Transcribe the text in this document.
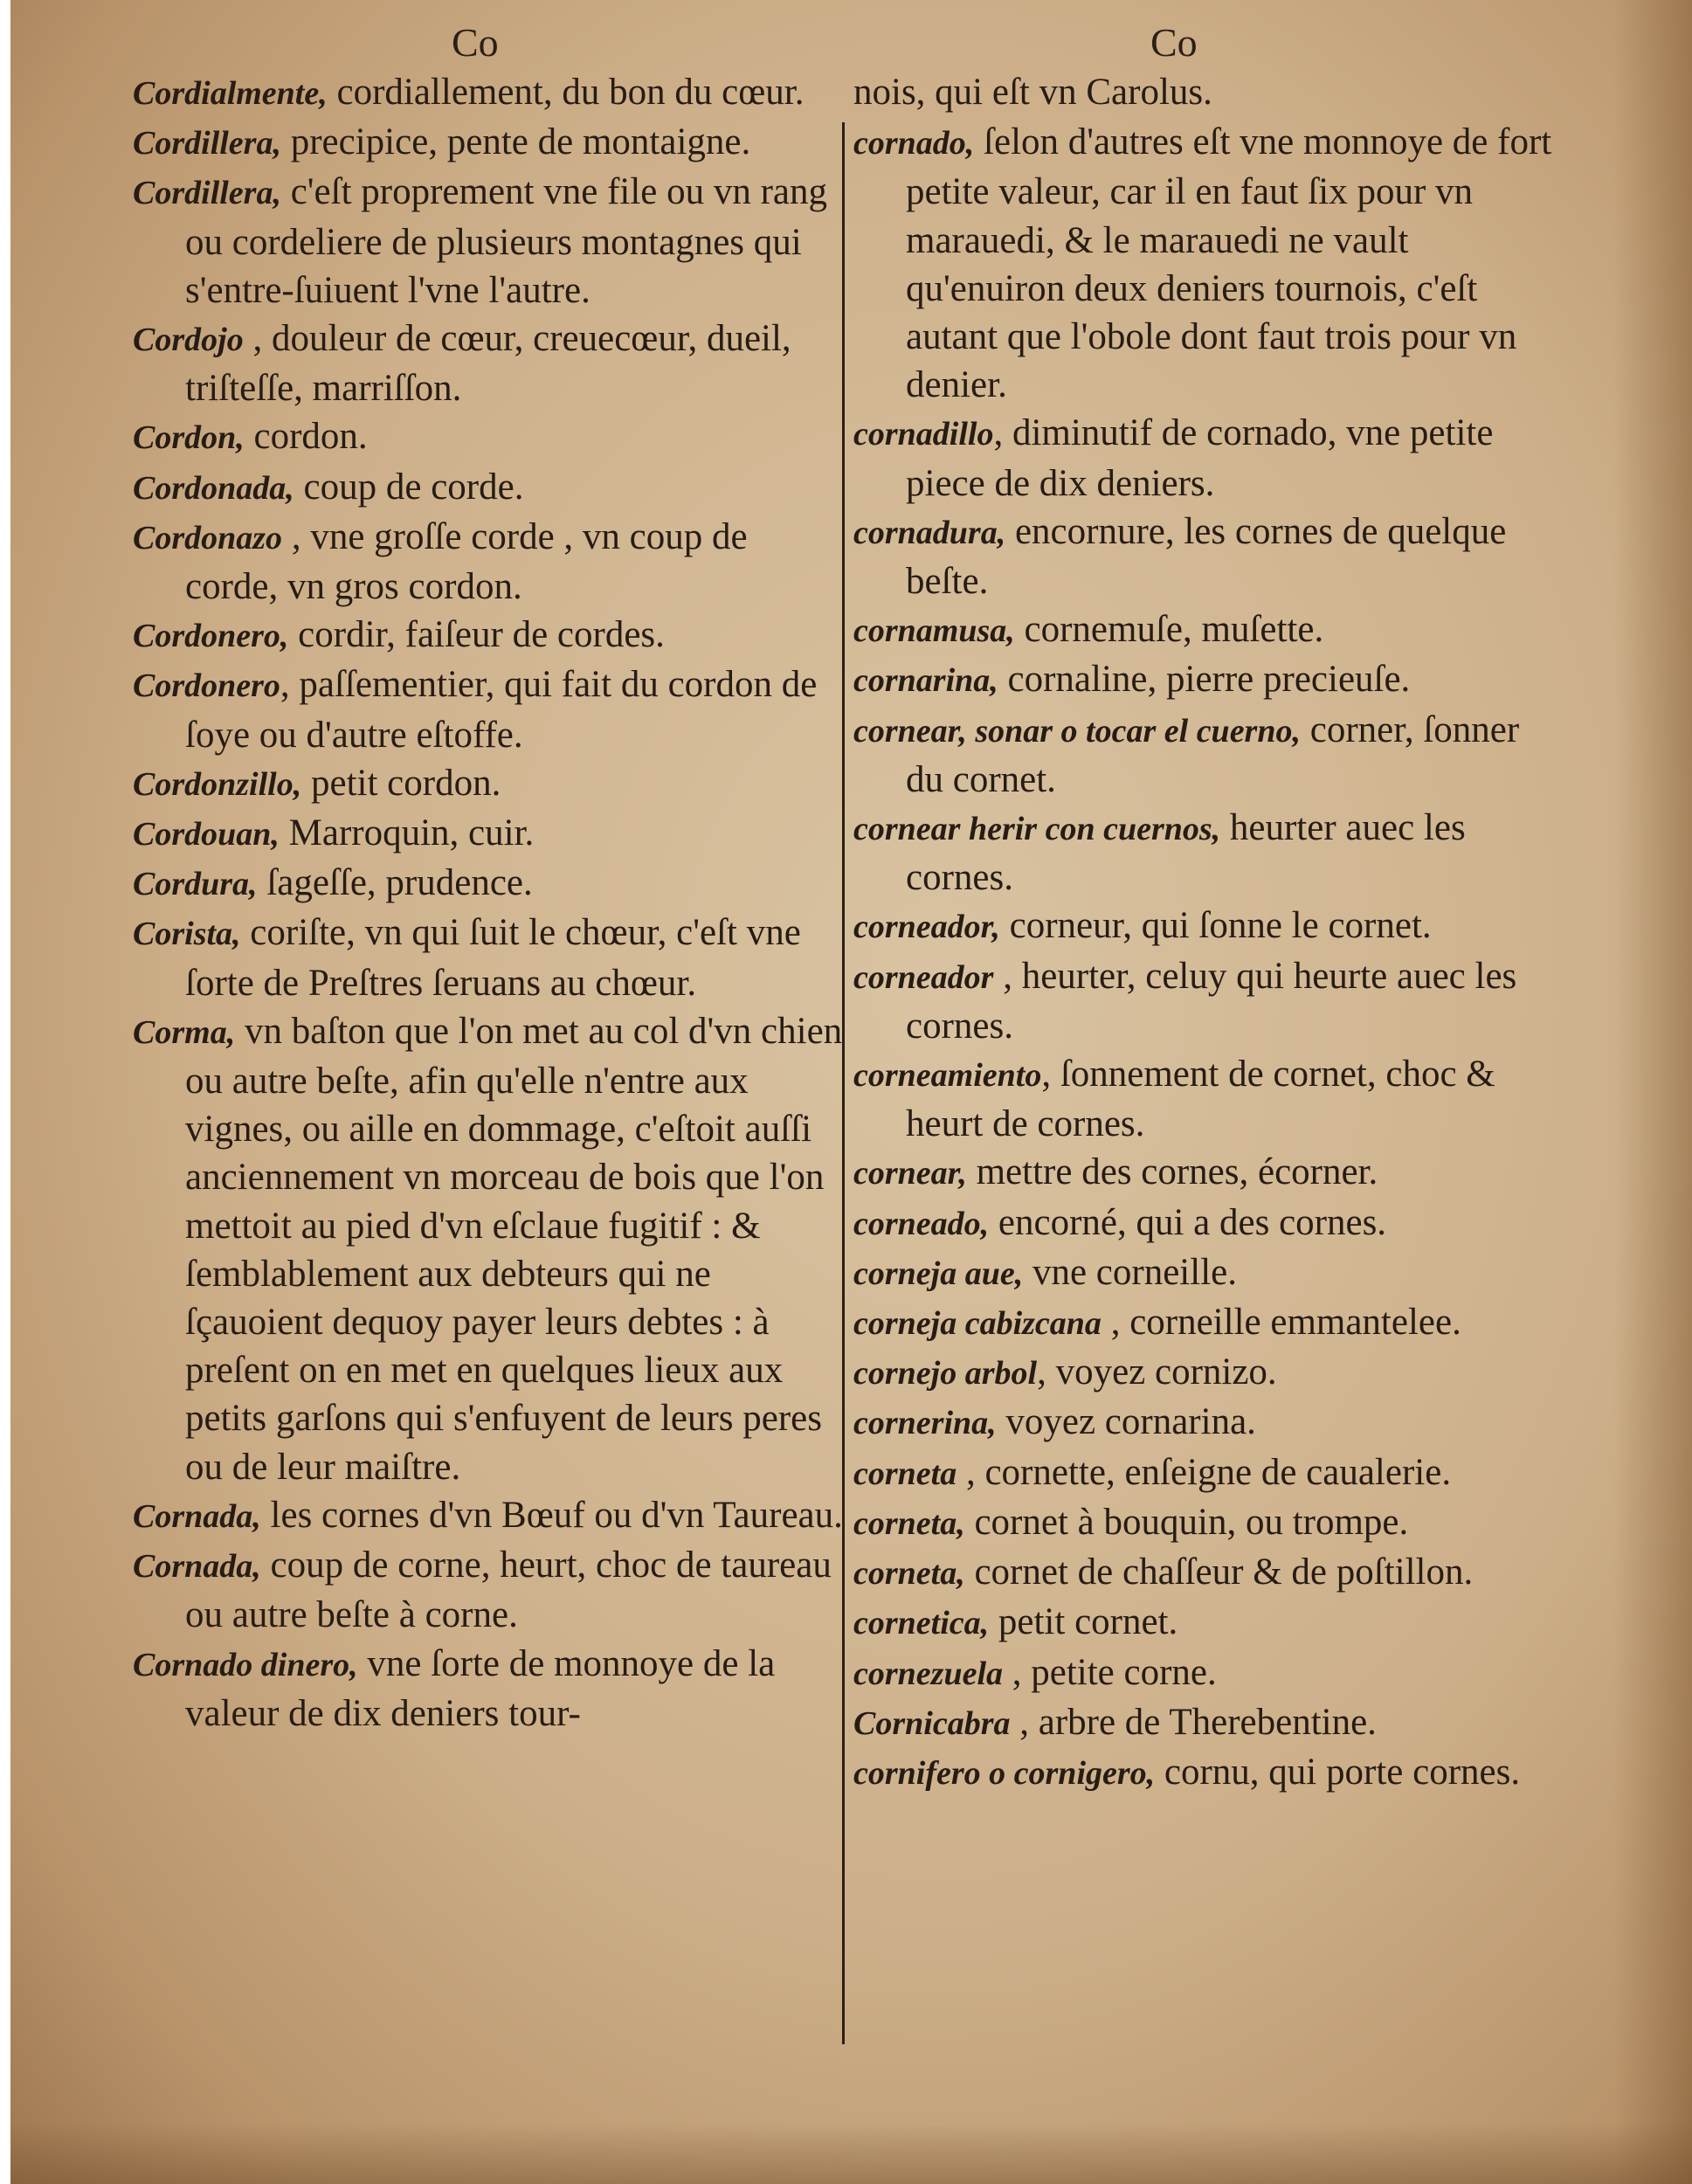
Co	Co

Cordialmente, cordiallement, du bon du cœur.

Cordillera, precipice, pente de montaigne.

Cordillera, c'eſt proprement vne file ou vn rang ou cordeliere de plusieurs montagnes qui s'entre-ſuiuent l'vne l'autre.

Cordojo , douleur de cœur, creuecœur, dueil, triſteſſe, marriſſon.

Cordon, cordon.

Cordonada, coup de corde.

Cordonazo , vne groſſe corde , vn coup de corde, vn gros cordon.

Cordonero, cordir, faiſeur de cordes.

Cordonero, paſſementier, qui fait du cordon de ſoye ou d'autre eſtoffe.

Cordonzillo, petit cordon.

Cordouan, Marroquin, cuir.

Cordura, ſageſſe, prudence.

Corista, coriſte, vn qui ſuit le chœur, c'eſt vne ſorte de Preſtres ſeruans au chœur.

Corma, vn baſton que l'on met au col d'vn chien ou autre beſte, afin qu'elle n'entre aux vignes, ou aille en dommage, c'eſtoit auſſi anciennement vn morceau de bois que l'on mettoit au pied d'vn eſclaue fugitif : & ſemblablement aux debteurs qui ne ſçauoient dequoy payer leurs debtes : à preſent on en met en quelques lieux aux petits garſons qui s'enfuyent de leurs peres ou de leur maiſtre.

Cornada, les cornes d'vn Bœuf ou d'vn Taureau.

Cornada, coup de corne, heurt, choc de taureau ou autre beſte à corne.

Cornado dinero, vne ſorte de monnoye de la valeur de dix deniers tour-

nois, qui eſt vn Carolus.

cornado, ſelon d'autres eſt vne monnoye de fort petite valeur, car il en faut ſix pour vn marauedi, & le marauedi ne vault qu'enuiron deux deniers tournois, c'eſt autant que l'obole dont faut trois pour vn denier.

cornadillo, diminutif de cornado, vne petite piece de dix deniers.

cornadura, encornure, les cornes de quelque beſte.

cornamusa, cornemuſe, muſette.

cornarina, cornaline, pierre precieuſe.

cornear, sonar o tocar el cuerno, corner, ſonner du cornet.

cornear herir con cuernos, heurter auec les cornes.

corneador, corneur, qui ſonne le cornet.

corneador , heurter, celuy qui heurte auec les cornes.

corneamiento, ſonnement de cornet, choc & heurt de cornes.

cornear, mettre des cornes, écorner.

corneado, encorné, qui a des cornes.

corneja aue, vne corneille.

corneja cabizcana , corneille emmantelee.

cornejo arbol, voyez cornizo.

cornerina, voyez cornarina.

corneta , cornette, enſeigne de caualerie.

corneta, cornet à bouquin, ou trompe.

corneta, cornet de chaſſeur & de poſtillon.

cornetica, petit cornet.

cornezuela , petite corne.

Cornicabra , arbre de Therebentine.

cornifero o cornigero, cornu, qui porte cornes.
